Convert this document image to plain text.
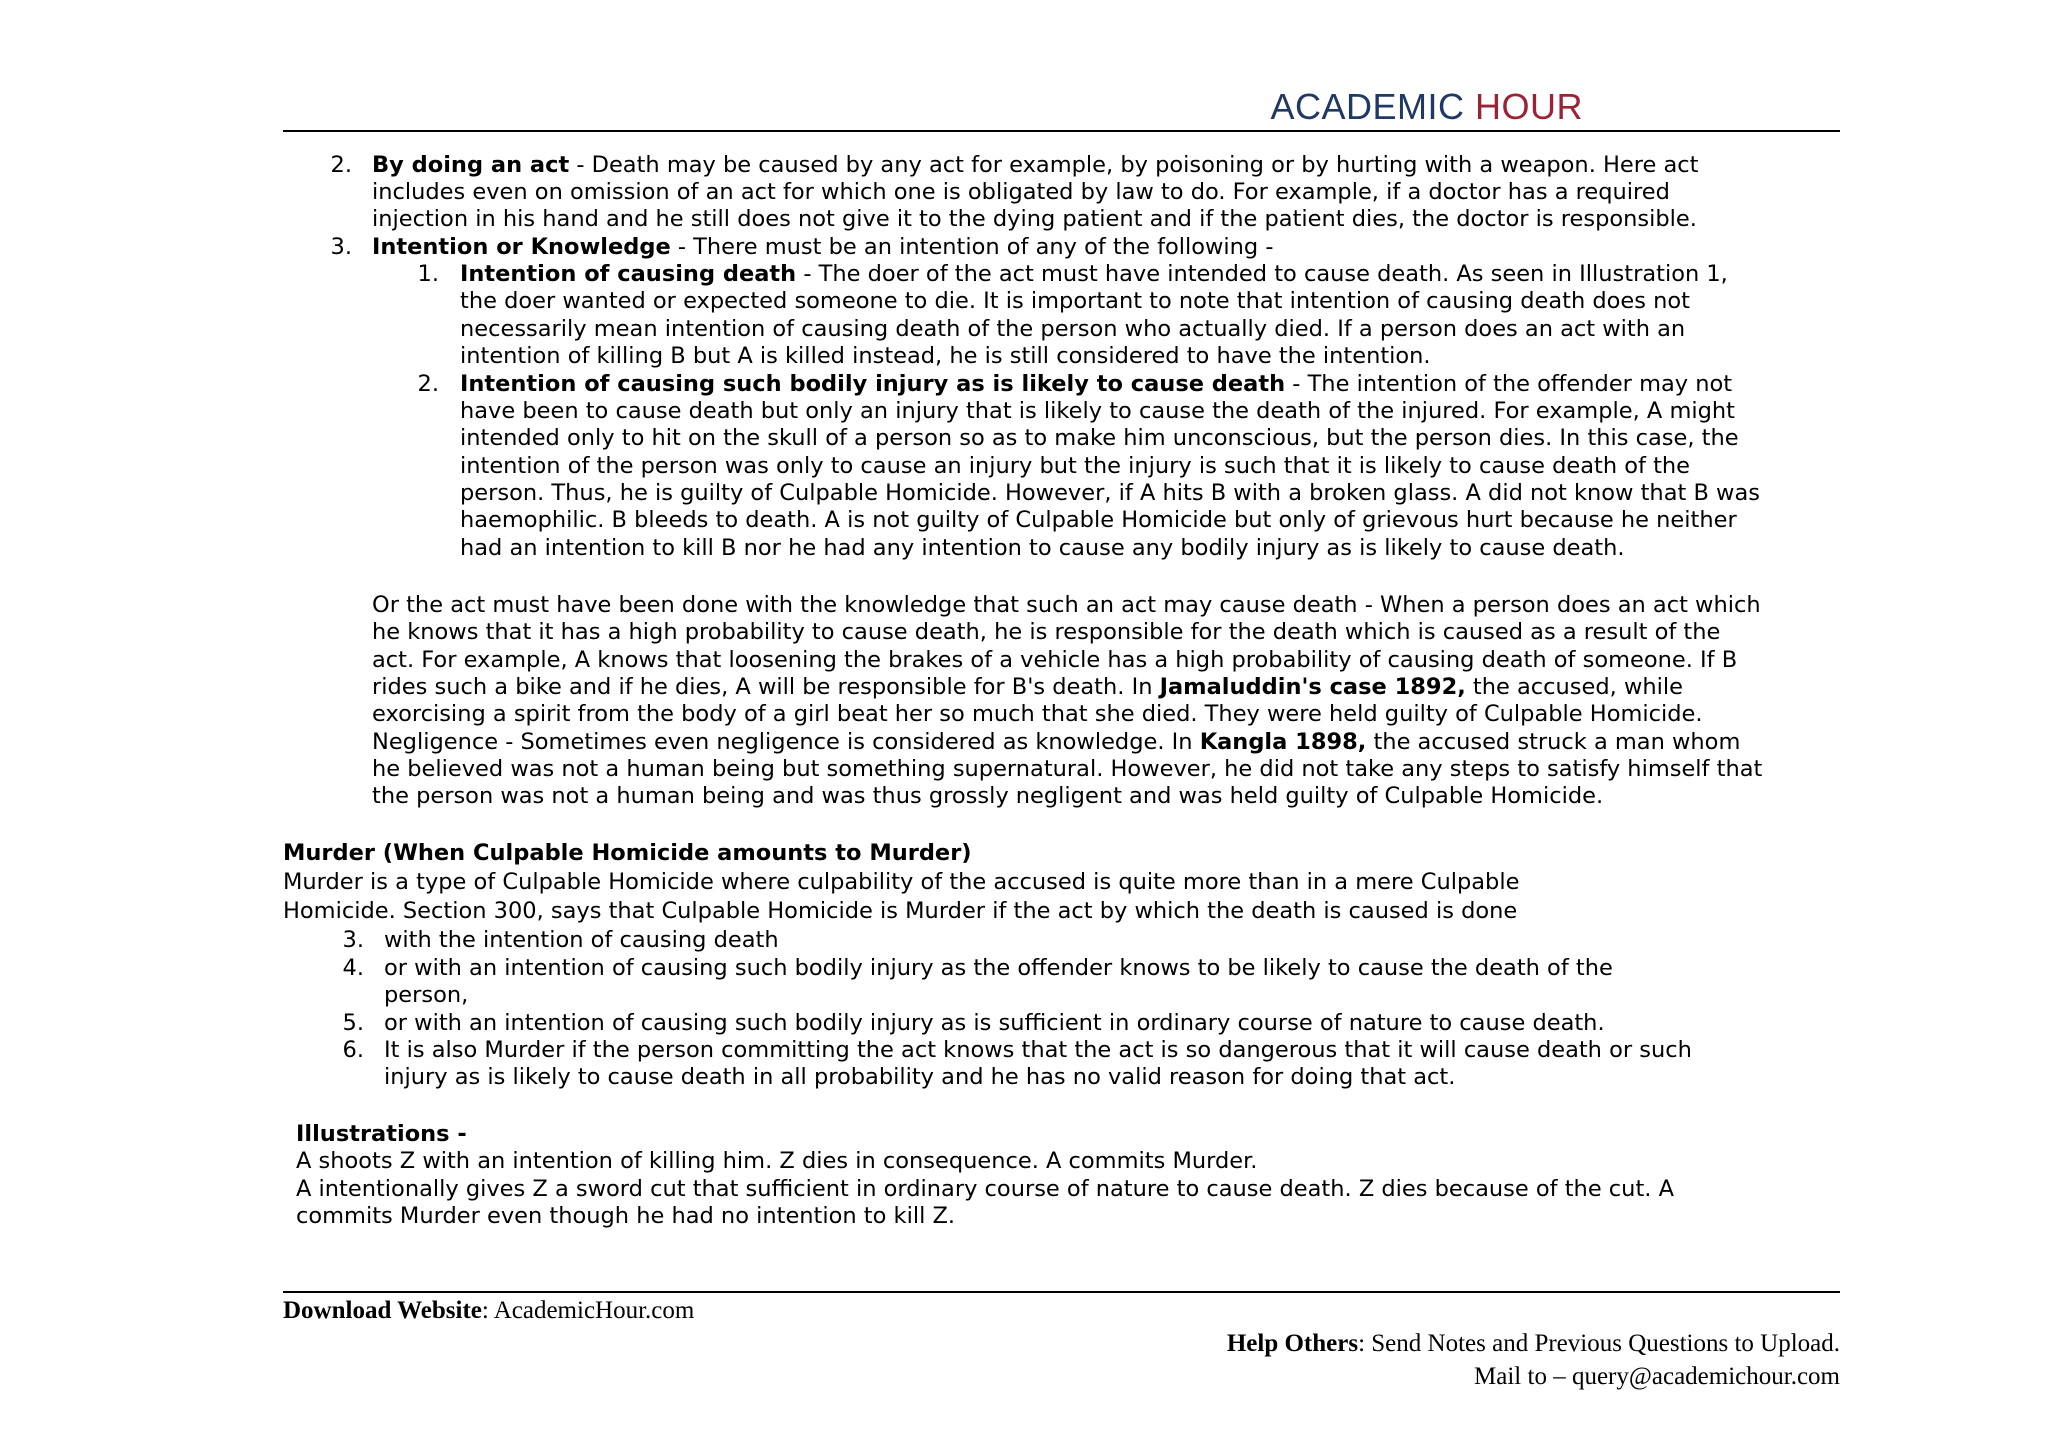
ACADEMIC HOUR
2. By doing an act - Death may be caused by any act for example, by poisoning or by hurting with a weapon. Here act
includes even on omission of an act for which one is obligated by law to do. For example, if a doctor has a required
injection in his hand and he still does not give it to the dying patient and if the patient dies, the doctor is responsible.
3. Intention or Knowledge - There must be an intention of any of the following -
1. Intention of causing death - The doer of the act must have intended to cause death. As seen in Illustration 1,
the doer wanted or expected someone to die. It is important to note that intention of causing death does not
necessarily mean intention of causing death of the person who actually died. If a person does an act with an
intention of killing B but A is killed instead, he is still considered to have the intention.
2. Intention of causing such bodily injury as is likely to cause death - The intention of the offender may not
have been to cause death but only an injury that is likely to cause the death of the injured. For example, A might
intended only to hit on the skull of a person so as to make him unconscious, but the person dies. In this case, the
intention of the person was only to cause an injury but the injury is such that it is likely to cause death of the
person. Thus, he is guilty of Culpable Homicide. However, if A hits B with a broken glass. A did not know that B was
haemophilic. B bleeds to death. A is not guilty of Culpable Homicide but only of grievous hurt because he neither
had an intention to kill B nor he had any intention to cause any bodily injury as is likely to cause death.
Or the act must have been done with the knowledge that such an act may cause death - When a person does an act which
he knows that it has a high probability to cause death, he is responsible for the death which is caused as a result of the
act. For example, A knows that loosening the brakes of a vehicle has a high probability of causing death of someone. If B
rides such a bike and if he dies, A will be responsible for B's death. In Jamaluddin's case 1892, the accused, while
exorcising a spirit from the body of a girl beat her so much that she died. They were held guilty of Culpable Homicide.
Negligence - Sometimes even negligence is considered as knowledge. In Kangla 1898, the accused struck a man whom
he believed was not a human being but something supernatural. However, he did not take any steps to satisfy himself that
the person was not a human being and was thus grossly negligent and was held guilty of Culpable Homicide.
Murder (When Culpable Homicide amounts to Murder)
Murder is a type of Culpable Homicide where culpability of the accused is quite more than in a mere Culpable
Homicide. Section 300, says that Culpable Homicide is Murder if the act by which the death is caused is done
3. with the intention of causing death
4. or with an intention of causing such bodily injury as the offender knows to be likely to cause the death of the
person,
5. or with an intention of causing such bodily injury as is sufficient in ordinary course of nature to cause death.
6. It is also Murder if the person committing the act knows that the act is so dangerous that it will cause death or such
injury as is likely to cause death in all probability and he has no valid reason for doing that act.
Illustrations -
A shoots Z with an intention of killing him. Z dies in consequence. A commits Murder.
A intentionally gives Z a sword cut that sufficient in ordinary course of nature to cause death. Z dies because of the cut. A
commits Murder even though he had no intention to kill Z.
Download Website: AcademicHour.com
Help Others: Send Notes and Previous Questions to Upload.
Mail to – query@academichour.com
